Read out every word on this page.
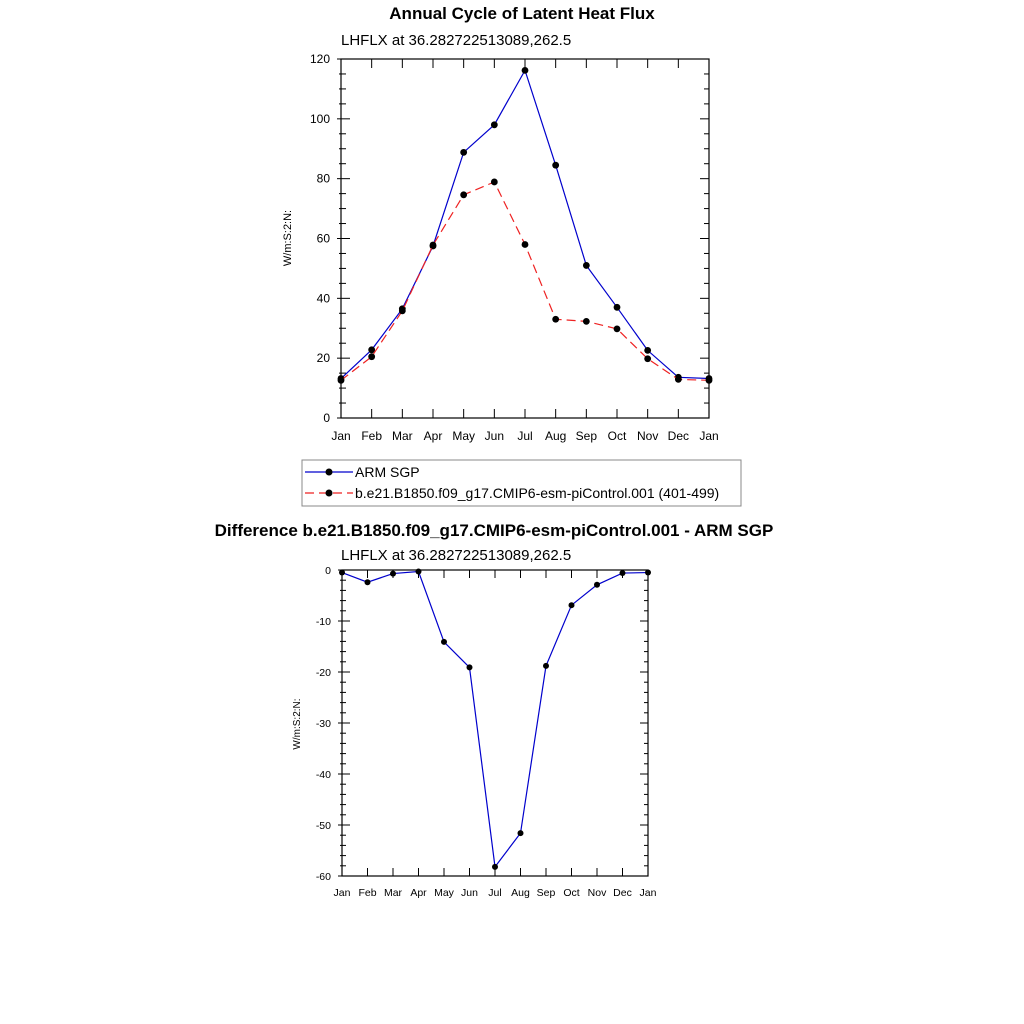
Annual Cycle of Latent Heat Flux
LHFLX at 36.282722513089,262.5
W/m:S:2:N:
Jan Feb Mar Apr May Jun Jul Aug Sep Oct Nov Dec Jan
0
20
40
60
80
100
120
ARM SGP
b.e21.B1850.f09_g17.CMIP6-esm-piControl.001 (401-499)
Difference b.e21.B1850.f09_g17.CMIP6-esm-piControl.001 - ARM SGP
LHFLX at 36.282722513089,262.5
W/m:S:2:N:
Jan Feb Mar Apr May Jun Jul Aug Sep Oct Nov Dec Jan
0
-10
-20
-30
-40
-50
-60
